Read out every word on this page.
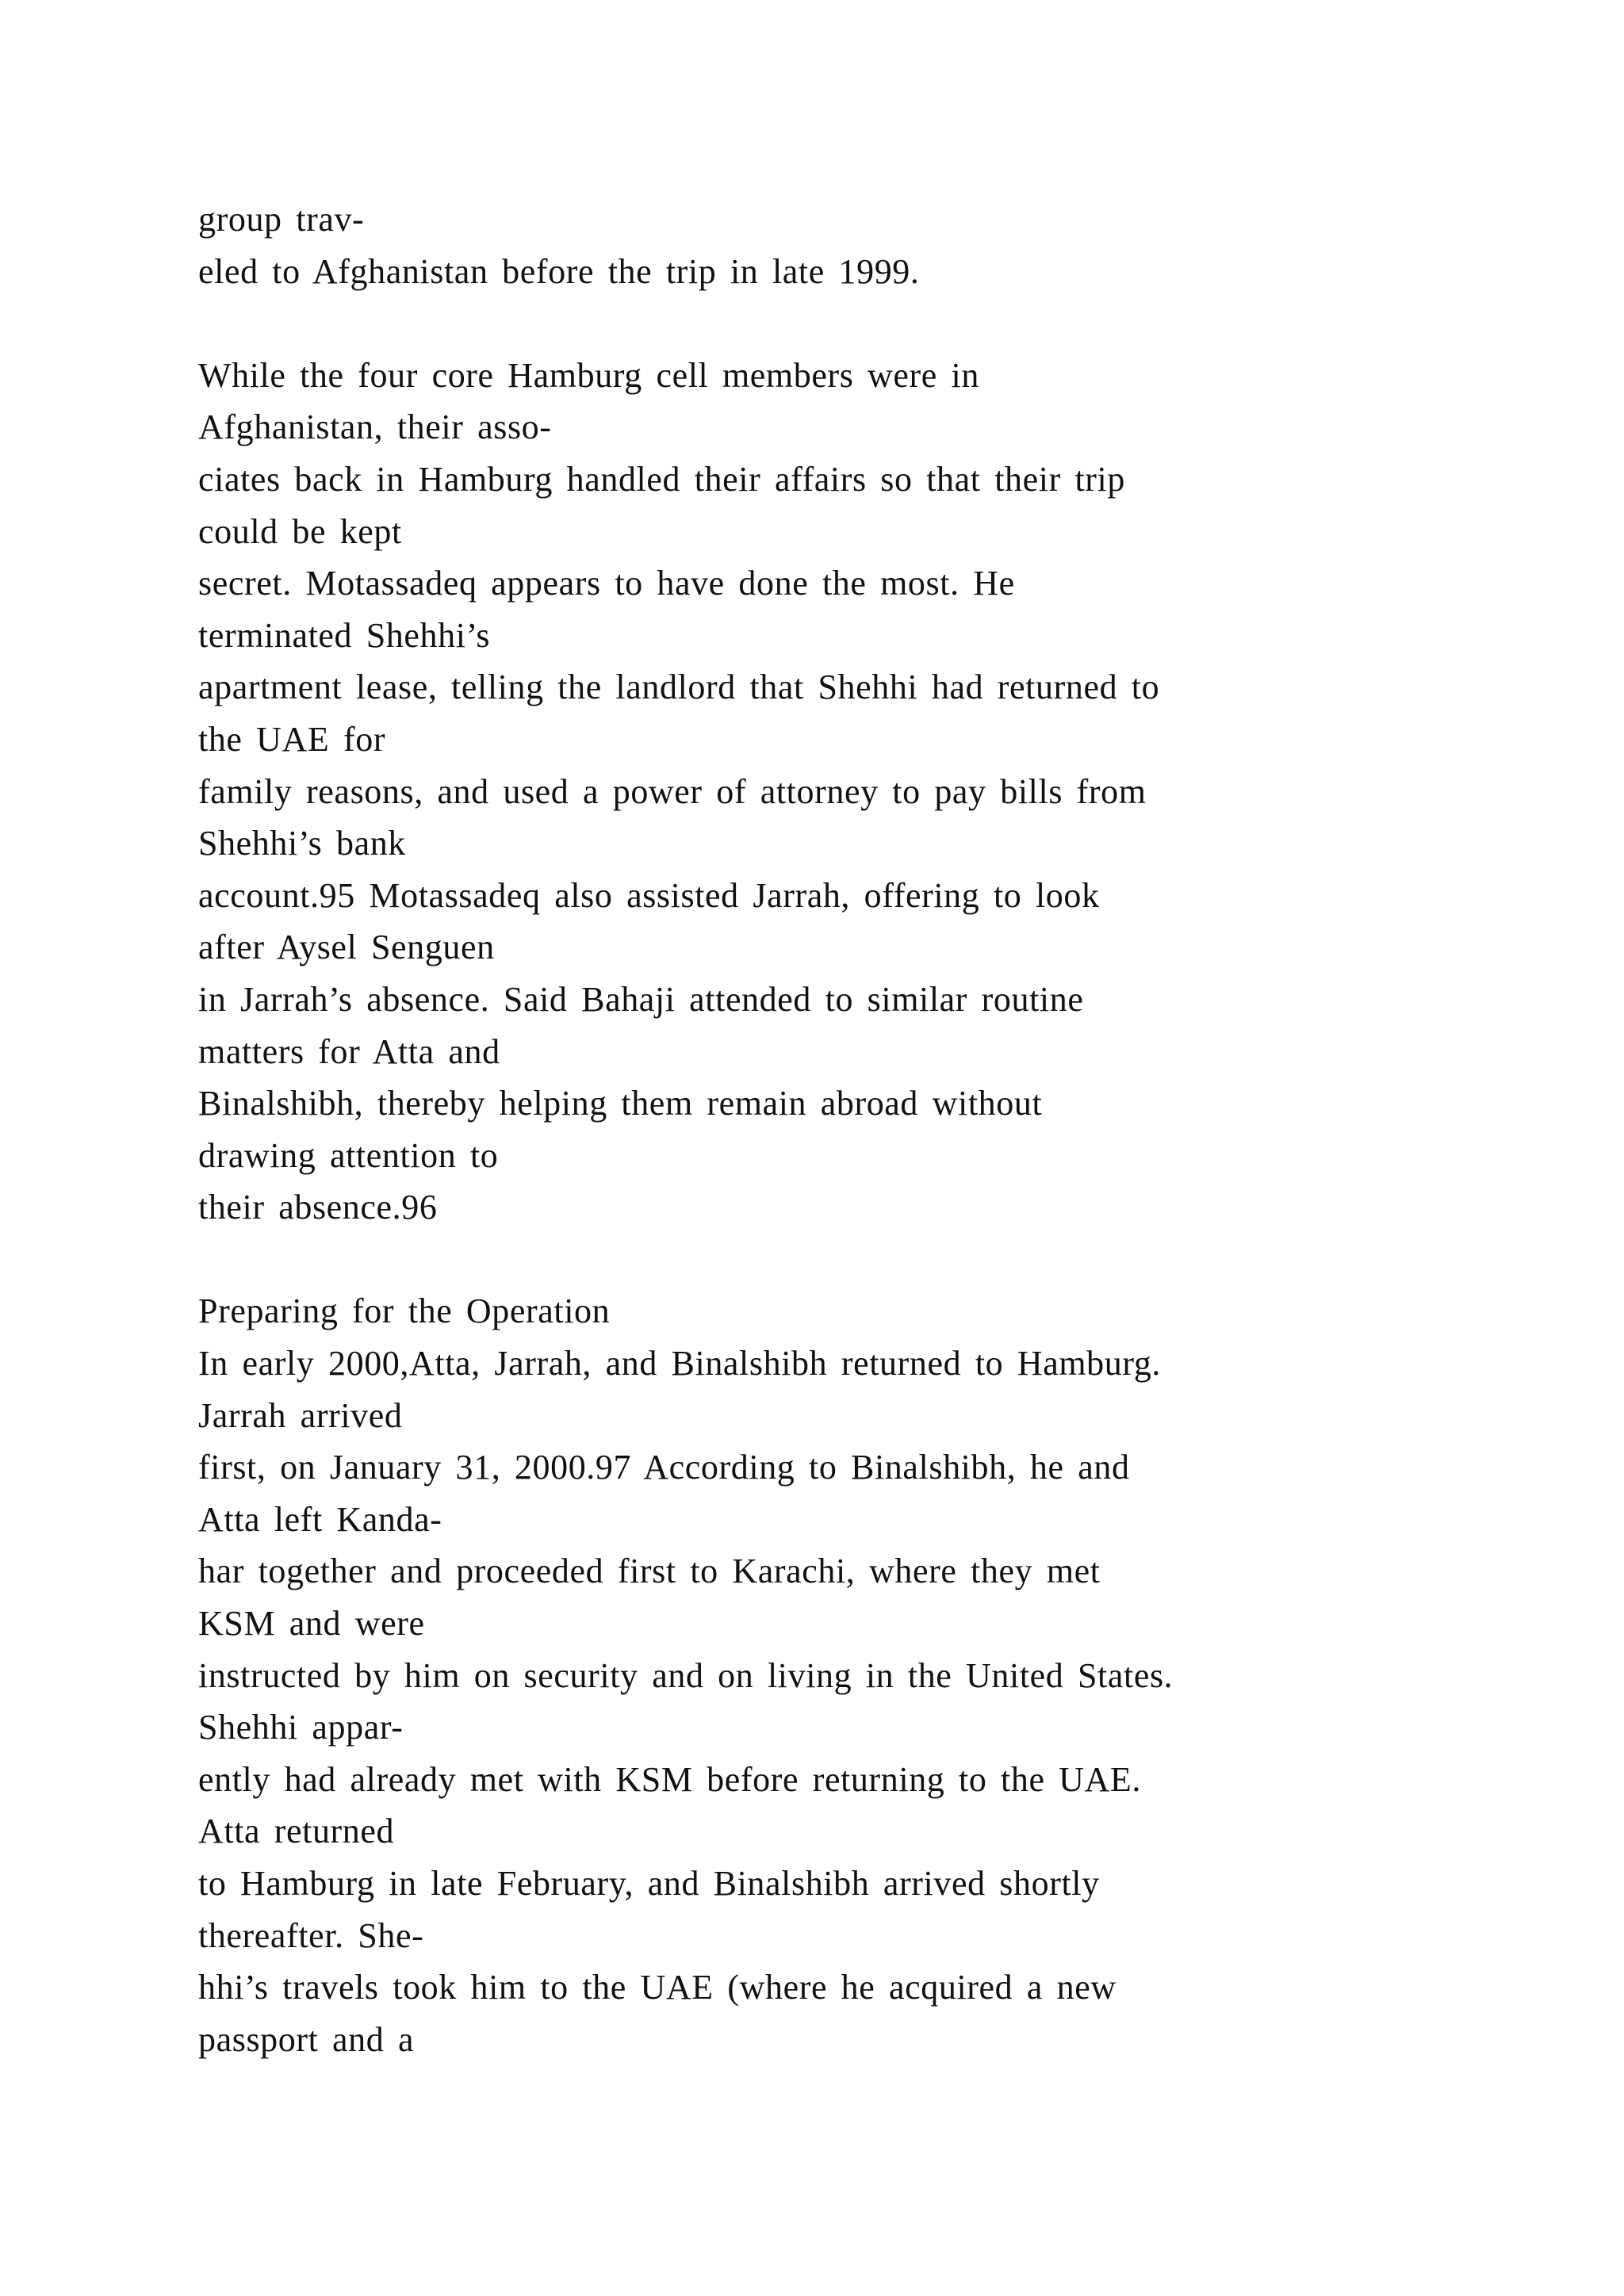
group trav-
eled to Afghanistan before the trip in late 1999.
While the four core Hamburg cell members were in
Afghanistan, their asso-
ciates back in Hamburg handled their affairs so that their trip
could be kept
secret. Motassadeq appears to have done the most. He
terminated Shehhi’s
apartment lease, telling the landlord that Shehhi had returned to
the UAE for
family reasons, and used a power of attorney to pay bills from
Shehhi’s bank
account.95 Motassadeq also assisted Jarrah, offering to look
after Aysel Senguen
in Jarrah’s absence. Said Bahaji attended to similar routine
matters for Atta and
Binalshibh, thereby helping them remain abroad without
drawing attention to
their absence.96
Preparing for the Operation
In early 2000,Atta, Jarrah, and Binalshibh returned to Hamburg.
Jarrah arrived
first, on January 31, 2000.97 According to Binalshibh, he and
Atta left Kanda-
har together and proceeded first to Karachi, where they met
KSM and were
instructed by him on security and on living in the United States.
Shehhi appar-
ently had already met with KSM before returning to the UAE.
Atta returned
to Hamburg in late February, and Binalshibh arrived shortly
thereafter. She-
hhi’s travels took him to the UAE (where he acquired a new
passport and a
